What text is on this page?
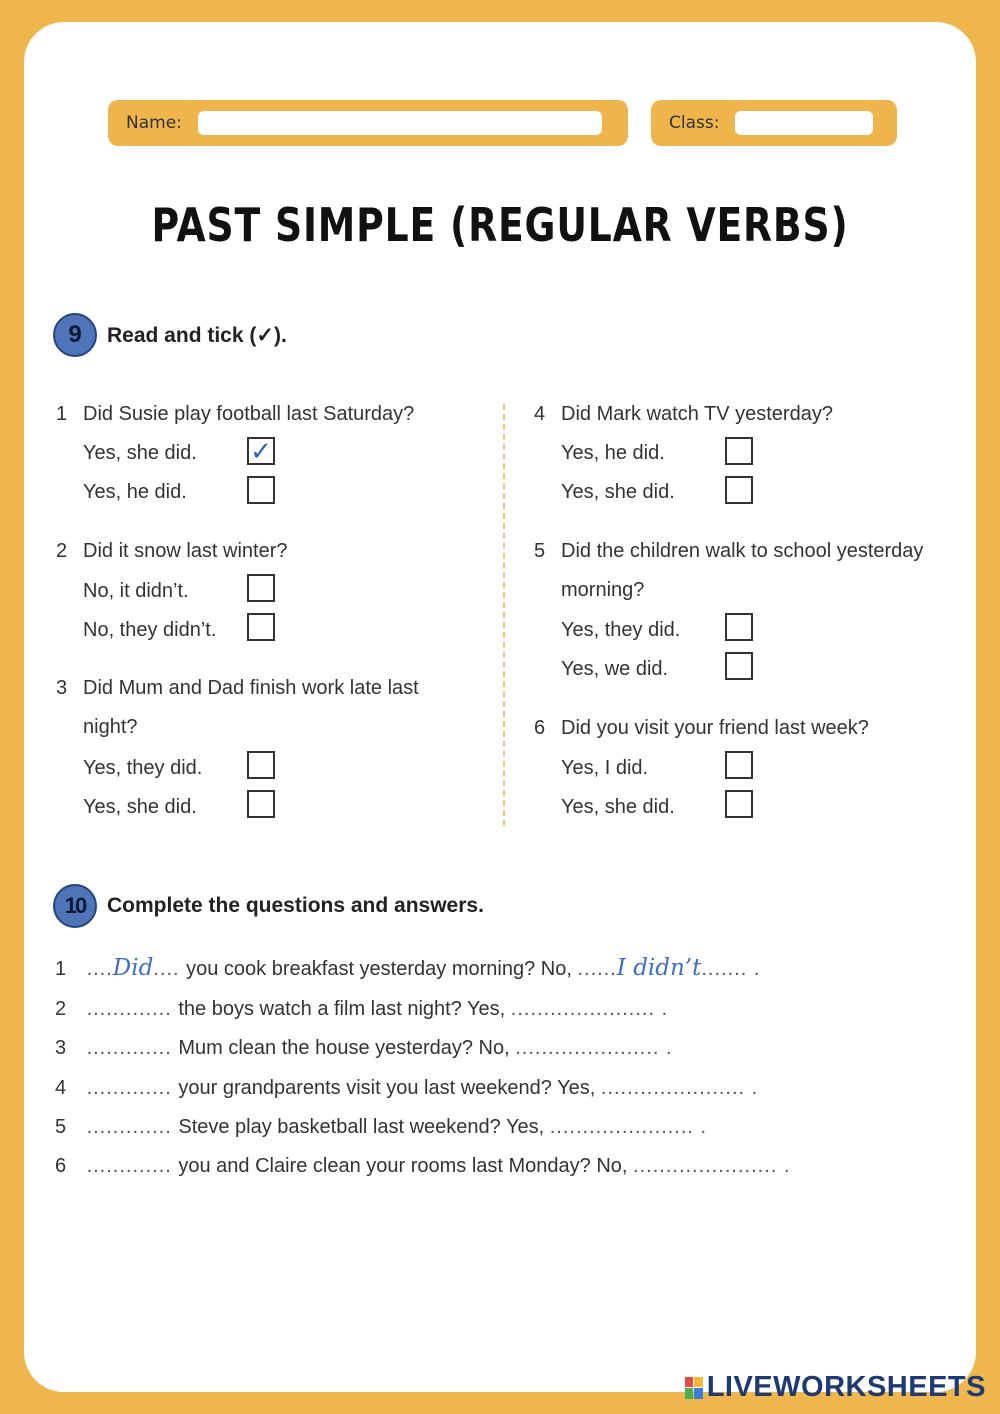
Name:	Class:
PAST SIMPLE (REGULAR VERBS)
9	Read and tick (✓).
1 Did Susie play football last Saturday?
Yes, she did. ✓
Yes, he did.
2 Did it snow last winter?
No, it didn’t.
No, they didn’t.
3 Did Mum and Dad finish work late last night?
Yes, they did.
Yes, she did.
4 Did Mark watch TV yesterday?
Yes, he did.
Yes, she did.
5 Did the children walk to school yesterday morning?
Yes, they did.
Yes, we did.
6 Did you visit your friend last week?
Yes, I did.
Yes, she did.
10	Complete the questions and answers.
1 ....Did.... you cook breakfast yesterday morning? No, ......I didn’t....... .
2 ............. the boys watch a film last night? Yes, ...................... .
3 ............. Mum clean the house yesterday? No, ...................... .
4 ............. your grandparents visit you last weekend? Yes, ...................... .
5 ............. Steve play basketball last weekend? Yes, ...................... .
6 ............. you and Claire clean your rooms last Monday? No, ...................... .
LIVEWORKSHEETS
